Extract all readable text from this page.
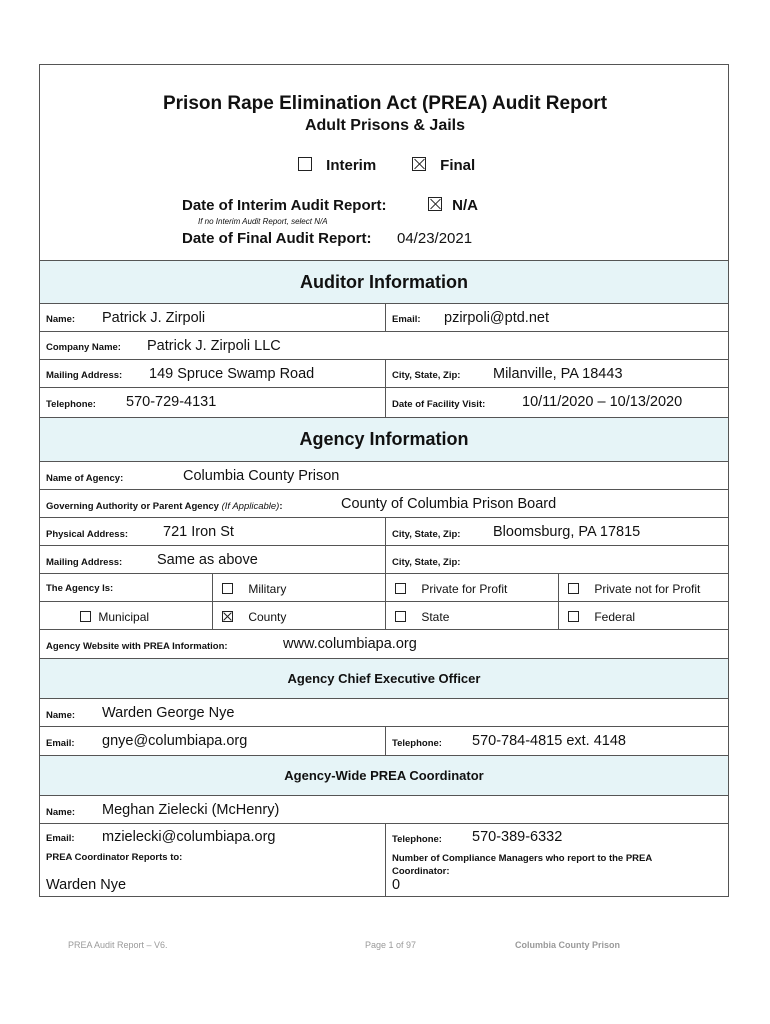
Prison Rape Elimination Act (PREA) Audit Report
Adult Prisons & Jails
Interim	Final
Date of Interim Audit Report:	N/A
If no Interim Audit Report, select N/A
Date of Final Audit Report: 04/23/2021
Auditor Information
Name: Patrick J. Zirpoli	Email: pzirpoli@ptd.net
Company Name: Patrick J. Zirpoli LLC
Mailing Address: 149 Spruce Swamp Road	City, State, Zip: Milanville, PA 18443
Telephone: 570-729-4131	Date of Facility Visit:	10/11/2020 – 10/13/2020
Agency Information
Name of Agency:	Columbia County Prison
Governing Authority or Parent Agency (If Applicable):	County of Columbia Prison Board
Physical Address: 721 Iron St	City, State, Zip: Bloomsburg, PA 17815
Mailing Address: Same as above	City, State, Zip:
The Agency Is:	Military	Private for Profit	Private not for Profit
Municipal	County	State	Federal
Agency Website with PREA Information:	www.columbiapa.org
Agency Chief Executive Officer
Name: Warden George Nye
Email: gnye@columbiapa.org	Telephone: 570-784-4815 ext. 4148
Agency-Wide PREA Coordinator
Name: Meghan Zielecki (McHenry)
Email: mzielecki@columbiapa.org	Telephone: 570-389-6332
PREA Coordinator Reports to:
Warden Nye
Number of Compliance Managers who report to the PREA Coordinator:
0
PREA Audit Report – V6.	Page 1 of 97	Columbia County Prison
